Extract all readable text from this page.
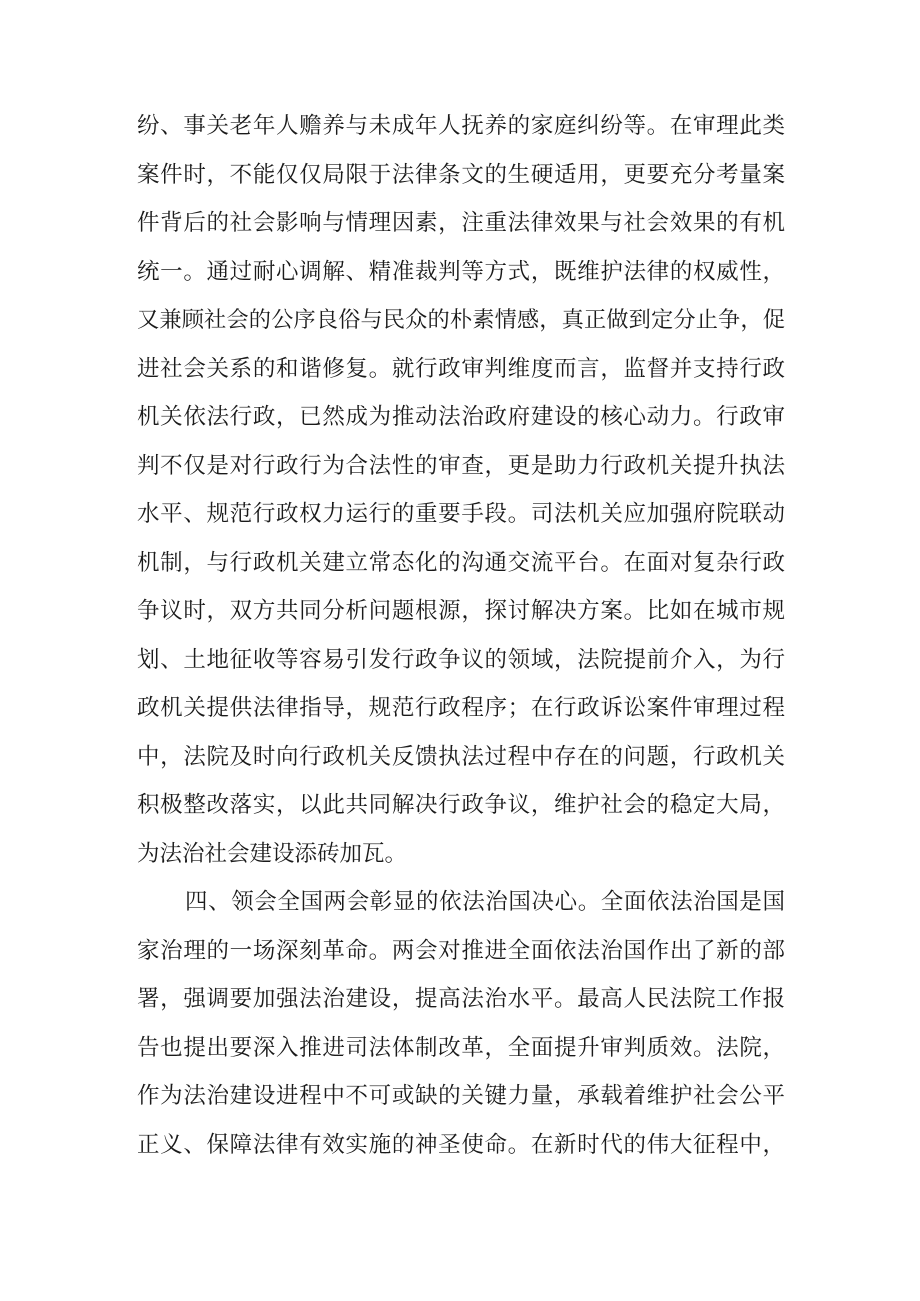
纷、事关老年人赡养与未成年人抚养的家庭纠纷等。在审理此类
案件时，不能仅仅局限于法律条文的生硬适用，更要充分考量案
件背后的社会影响与情理因素，注重法律效果与社会效果的有机
统一。通过耐心调解、精准裁判等方式，既维护法律的权威性，
又兼顾社会的公序良俗与民众的朴素情感，真正做到定分止争，促
进社会关系的和谐修复。就行政审判维度而言，监督并支持行政
机关依法行政，已然成为推动法治政府建设的核心动力。行政审
判不仅是对行政行为合法性的审查，更是助力行政机关提升执法
水平、规范行政权力运行的重要手段。司法机关应加强府院联动
机制，与行政机关建立常态化的沟通交流平台。在面对复杂行政
争议时，双方共同分析问题根源，探讨解决方案。比如在城市规
划、土地征收等容易引发行政争议的领域，法院提前介入，为行
政机关提供法律指导，规范行政程序；在行政诉讼案件审理过程
中，法院及时向行政机关反馈执法过程中存在的问题，行政机关
积极整改落实，以此共同解决行政争议，维护社会的稳定大局，
为法治社会建设添砖加瓦。
四、领会全国两会彰显的依法治国决心。全面依法治国是国
家治理的一场深刻革命。两会对推进全面依法治国作出了新的部
署，强调要加强法治建设，提高法治水平。最高人民法院工作报
告也提出要深入推进司法体制改革，全面提升审判质效。法院，
作为法治建设进程中不可或缺的关键力量，承载着维护社会公平
正义、保障法律有效实施的神圣使命。在新时代的伟大征程中，
